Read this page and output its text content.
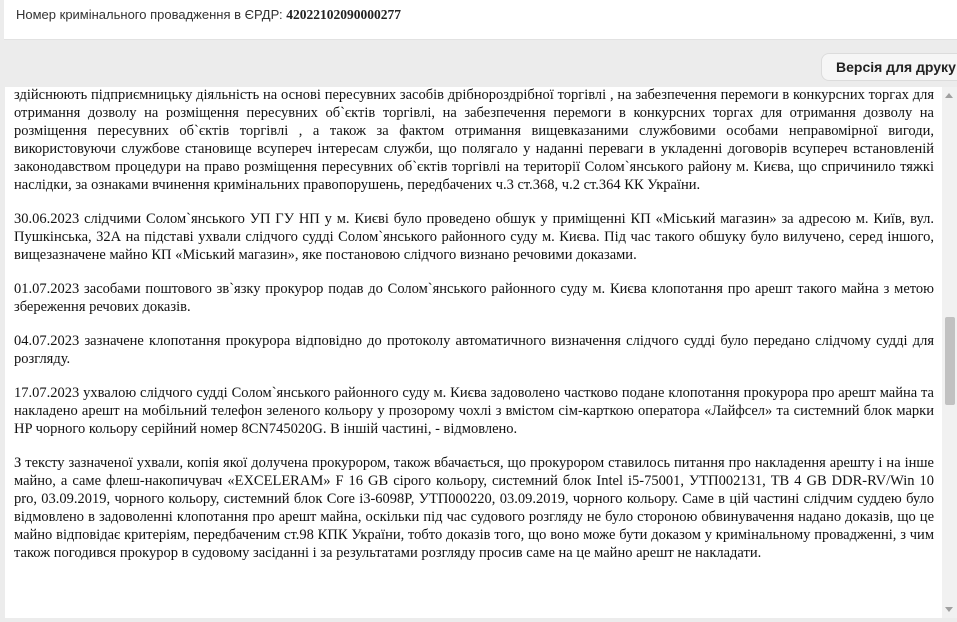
Номер кримінального провадження в ЄРДР: 42022102090000277
Версія для друку

здійснюють підприємницьку діяльність на основі пересувних засобів дрібнороздрібної торгівлі , на забезпечення перемоги в конкурсних торгах для отримання дозволу на розміщення пересувних об`єктів торгівлі, на забезпечення перемоги в конкурсних торгах для отримання дозволу на розміщення пересувних об`єктів торгівлі , а також за фактом отримання вищевказаними службовими особами неправомірної вигоди, використовуючи службове становище всупереч інтересам служби, що полягало у наданні переваги в укладенні договорів всупереч встановленій законодавством процедури на право розміщення пересувних об`єктів торгівлі на території Солом`янського району м. Києва, що спричинило тяжкі наслідки, за ознаками вчинення кримінальних правопорушень, передбачених ч.3 ст.368, ч.2 ст.364 КК України.

30.06.2023 слідчими Солом`янського УП ГУ НП у м. Києві було проведено обшук у приміщенні КП «Міський магазин» за адресою м. Київ, вул. Пушкінська, 32А на підставі ухвали слідчого судді Солом`янського районного суду м. Києва. Під час такого обшуку було вилучено, серед іншого, вищезазначене майно КП «Міський магазин», яке постановою слідчого визнано речовими доказами.

01.07.2023 засобами поштового зв`язку прокурор подав до Солом`янського районного суду м. Києва клопотання про арешт такого майна з метою збереження речових доказів.

04.07.2023 зазначене клопотання прокурора відповідно до протоколу автоматичного визначення слідчого судді було передано слідчому судді для розгляду.

17.07.2023 ухвалою слідчого судді Солом`янського районного суду м. Києва задоволено частково подане клопотання прокурора про арешт майна та накладено арешт на мобільний телефон зеленого кольору у прозорому чохлі з вмістом сім-карткою оператора «Лайфсел» та системний блок марки HP чорного кольору серійний номер 8CN745020G. В іншій частині, - відмовлено.

З тексту зазначеної ухвали, копія якої долучена прокурором, також вбачається, що прокурором ставилось питання про накладення арешту і на інше майно, а саме флеш-накопичувач «EXCELERAM» F 16 GB сірого кольору, системний блок Intel i5-75001, УТП002131, ТВ 4 GB DDR-RV/Win 10 pro, 03.09.2019, чорного кольору, системний блок Core i3-6098P, УТП000220, 03.09.2019, чорного кольору. Саме в цій частині слідчим суддею було відмовлено в задоволенні клопотання про арешт майна, оскільки під час судового розгляду не було стороною обвинувачення надано доказів, що це майно відповідає критеріям, передбаченим ст.98 КПК України, тобто доказів того, що воно може бути доказом у кримінальному провадженні, з чим також погодився прокурор в судовому засіданні і за результатами розгляду просив саме на це майно арешт не накладати.
